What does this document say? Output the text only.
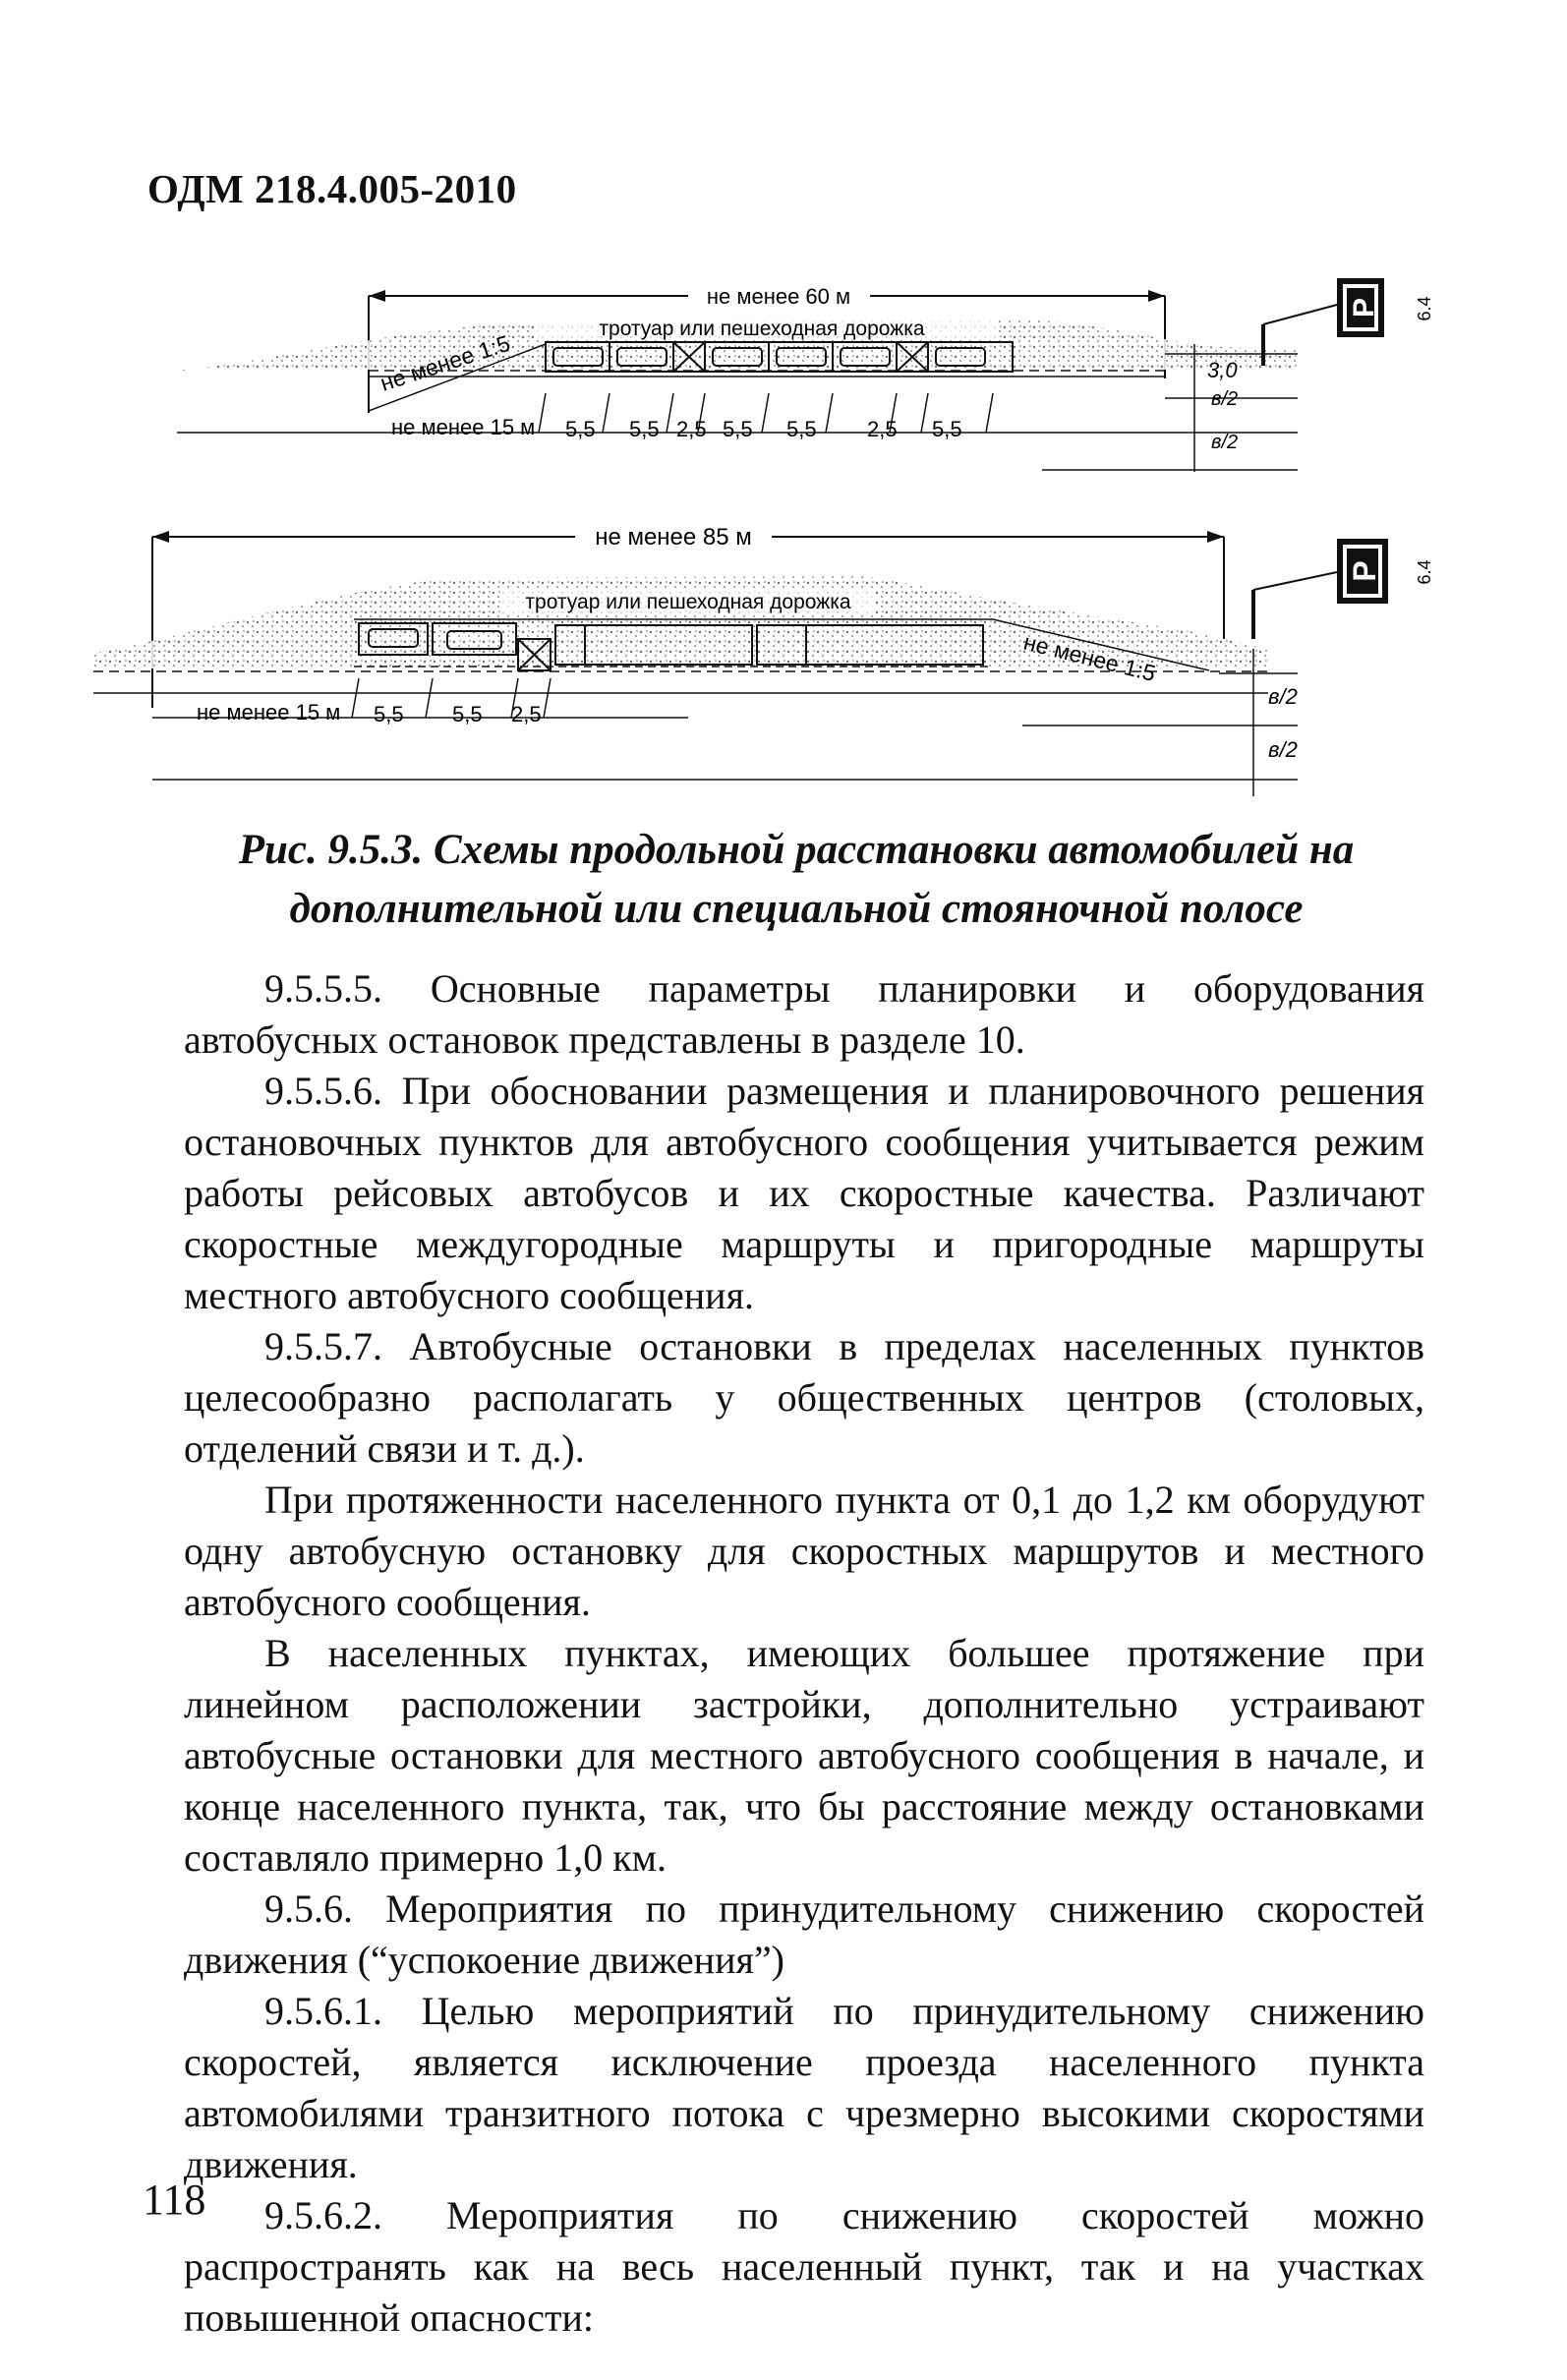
ОДМ 218.4.005-2010
не менее 60 м
тротуар или пешеходная дорожка
не менее 1:5
не менее 15 м 5,5 5,5 2,5 5,5 5,5 2,5 5,5
3,0
в/2
в/2
P 6.4
не менее 85 м
тротуар или пешеходная дорожка
не менее 1:5
не менее 15 м 5,5 5,5 2,5
в/2
в/2
P 6.4
Рис. 9.5.3. Схемы продольной расстановки автомобилей на
дополнительной или специальной стояночной полосе

9.5.5.5. Основные параметры планировки и оборудования автобусных остановок представлены в разделе 10.

9.5.5.6. При обосновании размещения и планировочного решения остановочных пунктов для автобусного сообщения учитывается режим работы рейсовых автобусов и их скоростные качества. Различают скоростные междугородные маршруты и пригородные маршруты местного автобусного сообщения.

9.5.5.7. Автобусные остановки в пределах населенных пунктов целесообразно располагать у общественных центров (столовых, отделений связи и т. д.).

При протяженности населенного пункта от 0,1 до 1,2 км оборудуют одну автобусную остановку для скоростных маршрутов и местного автобусного сообщения.

В населенных пунктах, имеющих большее протяжение при линейном расположении застройки, дополнительно устраивают автобусные остановки для местного автобусного сообщения в начале, и конце населенного пункта, так, что бы расстояние между остановками составляло примерно 1,0 км.

9.5.6. Мероприятия по принудительному снижению скоростей движения (“успокоение движения”)

9.5.6.1. Целью мероприятий по принудительному снижению скоростей, является исключение проезда населенного пункта автомобилями транзитного потока с чрезмерно высокими скоростями движения.

9.5.6.2. Мероприятия по снижению скоростей можно распространять как на весь населенный пункт, так и на участках повышенной опасности:

118
